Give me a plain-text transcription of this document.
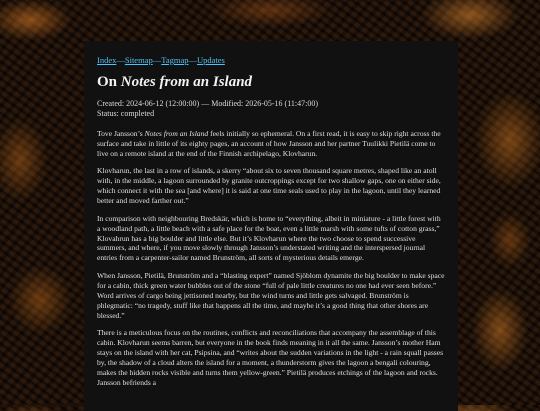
Index—Sitemap—Tagmap—Updates
On Notes from an Island
Created: 2024-06-12 (12:00:00) — Modified: 2026-05-16 (11:47:00)
Status: completed

Tove Jansson’s Notes from an Island feels initially so ephemeral. On a first read, it is easy to skip right across the surface and take in little of its eighty pages, an account of how Jansson and her partner Tuulikki Pietilä come to live on a remote island at the end of the Finnish archipelago, Klovharun.

Klovharun, the last in a row of islands, a skerry “about six to seven thousand square metres, shaped like an atoll with, in the middle, a lagoon surrounded by granite outcroppings except for two shallow gaps, one on either side, which connect it with the sea [and where] it is said at one time seals used to play in the lagoon, until they learned better and moved farther out.”

In comparison with neighbouring Bredskär, which is home to “everything, albeit in miniature - a little forest with a woodland path, a little beach with a safe place for the boat, even a little marsh with some tufts of cotton grass,” Klovahrun has a big boulder and little else. But it’s Klovharun where the two choose to spend successive summers, and where, if you move slowly through Jansson’s understated writing and the interspersed journal entries from a carpenter-sailor named Brunström, all sorts of mysterious details emerge.

When Jansson, Pietilä, Brunström and a “blasting expert” named Sjöblom dynamite the big boulder to make space for a cabin, thick green water bubbles out of the stone “full of pale little creatures no one had ever seen before.” Word arrives of cargo being jettisoned nearby, but the wind turns and little gets salvaged. Brunström is phlegmatic: “no tragedy, stuff like that happens all the time, and maybe it’s a good thing that other shores are blessed.”

There is a meticulous focus on the routines, conflicts and reconciliations that accompany the assemblage of this cabin. Klovharun seems barren, but everyone in the book finds meaning in it all the same. Jansson’s mother Ham stays on the island with her cat, Psipsina, and “writes about the sudden variations in the light - a rain squall passes by, the shadow of a cloud alters the island for a moment, a thunderstorm gives the lagoon a bengali colouring, makes the hidden rocks visible and turns them yellow-green.” Pietilä produces etchings of the lagoon and rocks. Jansson befriends a
